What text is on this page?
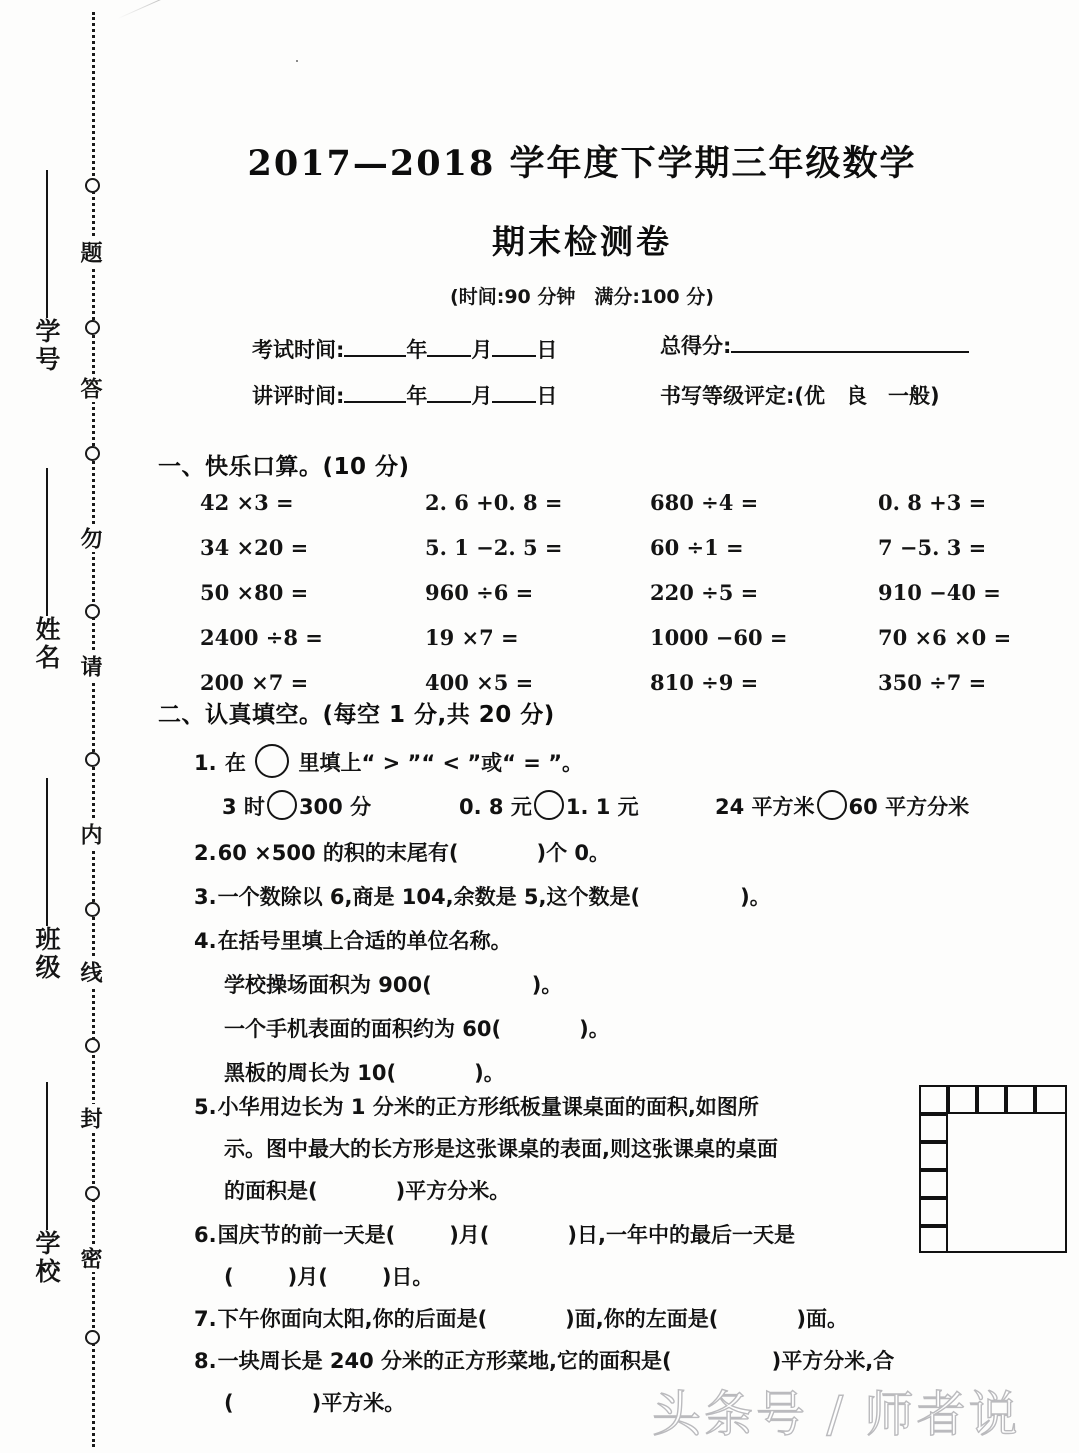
学号
姓名
班级
学校
题
答
勿
请
内
线
封
密
2017—2018 学年度下学期三年级数学
期末检测卷
(时间:90 分钟　满分:100 分)
考试时间:	年 月 日	总得分:
讲评时间:	年 月 日	书写等级评定:(优　良　一般)
一、快乐口算。(10 分)
42 ×3 =	2. 6 +0. 8 =	680 ÷4 =	0. 8 +3 =
34 ×20 =	5. 1 −2. 5 =	60 ÷1 =	7 −5. 3 =
50 ×80 =	960 ÷6 =	220 ÷5 =	910 −40 =
2400 ÷8 =	19 ×7 =	1000 −60 =	70 ×6 ×0 =
200 ×7 =	400 ×5 =	810 ÷9 =	350 ÷7 =
二、认真填空。(每空 1 分,共 20 分)
1. 在	里填上“ > ”“ < ”或“ = ”。
3 时 300 分	0. 8 元 1. 1 元	24 平方米 60 平方分米
2.60 ×500 的积的末尾有(	)个 0。
3.一个数除以 6,商是 104,余数是 5,这个数是(	)。
4.在括号里填上合适的单位名称。
学校操场面积为 900(	)。
一个手机表面的面积约为 60(	)。
黑板的周长为 10(	)。
5.小华用边长为 1 分米的正方形纸板量课桌面的面积,如图所
示。图中最大的长方形是这张课桌的表面,则这张课桌的桌面
的面积是(	)平方分米。
6.国庆节的前一天是(	)月(	)日,一年中的最后一天是
(	)月(	)日。
7.下午你面向太阳,你的后面是(	)面,你的左面是(	)面。
8.一块周长是 240 分米的正方形菜地,它的面积是(	)平方分米,合
(	)平方米。	头条号 / 师者说
